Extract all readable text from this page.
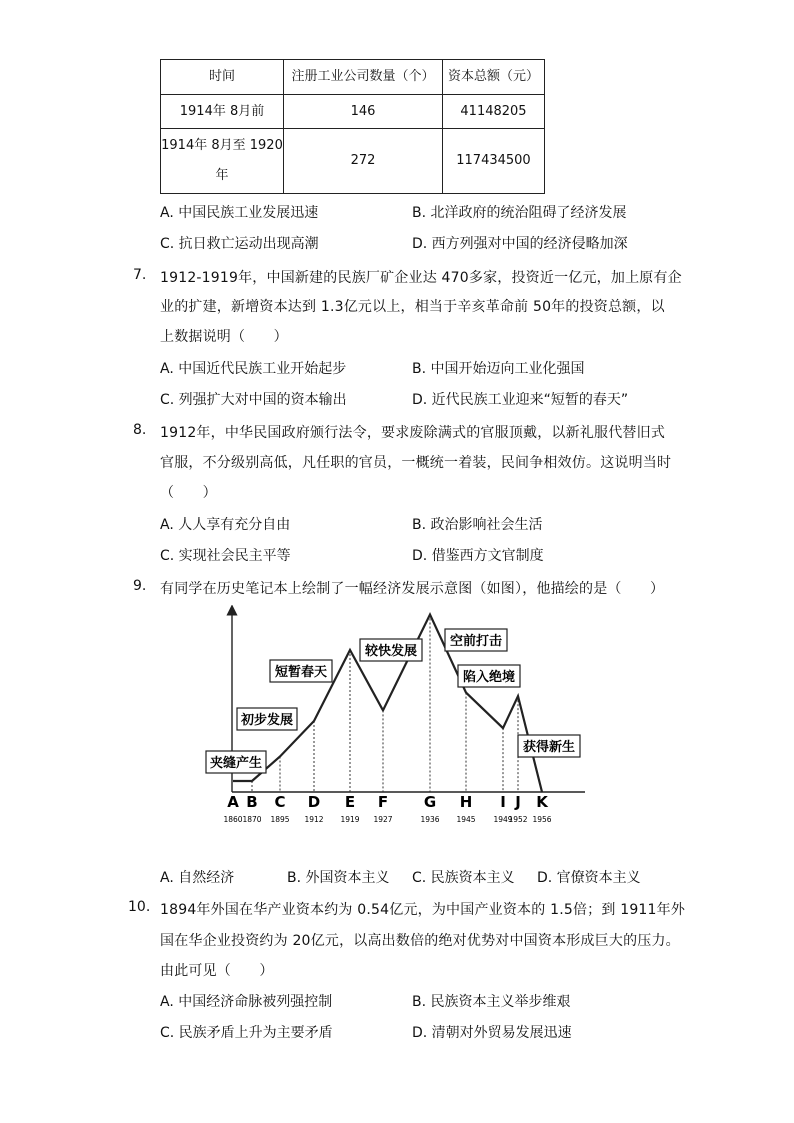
时间	注册工业公司数量（个）	资本总额（元）
1914年 8月前	146	41148205
1914年 8月至 1920
年	272	117434500
A. 中国民族工业发展迅速	B. 北洋政府的统治阻碍了经济发展
C. 抗日救亡运动出现高潮	D. 西方列强对中国的经济侵略加深
7. 1912-1919年，中国新建的民族厂矿企业达 470多家，投资近一亿元，加上原有企
业的扩建，新增资本达到 1.3亿元以上，相当于辛亥革命前 50年的投资总额，以
上数据说明（　　）
A. 中国近代民族工业开始起步	B. 中国开始迈向工业化强国
C. 列强扩大对中国的资本输出	D. 近代民族工业迎来“短暂的春天”
8. 1912年，中华民国政府颁行法令，要求废除满式的官服顶戴，以新礼服代替旧式
官服，不分级别高低，凡任职的官员，一概统一着装，民间争相效仿。这说明当时
（　　）
A. 人人享有充分自由	B. 政治影响社会生活
C. 实现社会民主平等	D. 借鉴西方文官制度
9. 有同学在历史笔记本上绘制了一幅经济发展示意图（如图），他描绘的是（　　）
A
1860
B
1870
C
1895
D
1912
E
1919
F
1927
G
1936
H
1945
I
1949
J
1952
K
1956
夹缝产生
初步发展
短暂春天
较快发展
空前打击
陷入绝境
获得新生
A. 自然经济	B. 外国资本主义 C. 民族资本主义 D. 官僚资本主义
10. 1894年外国在华产业资本约为 0.54亿元，为中国产业资本的 1.5倍；到 1911年外
国在华企业投资约为 20亿元，以高出数倍的绝对优势对中国资本形成巨大的压力。
由此可见（　　）
A. 中国经济命脉被列强控制	B. 民族资本主义举步维艰
C. 民族矛盾上升为主要矛盾	D. 清朝对外贸易发展迅速
